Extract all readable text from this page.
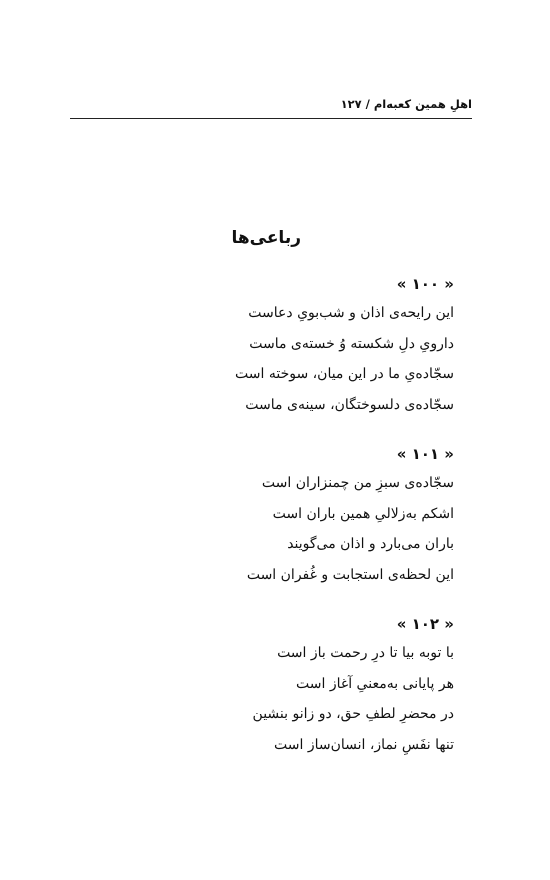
اهلِ همین کعبه‌ام / ۱۲۷
رباعی‌ها
« ۱۰۰ »
این رایحه‌ی اذان و شب‌بویِ دعاست
دارویِ دلِ شکسته وُ خسته‌ی ماست
سجّاده‌یِ ما در این میان، سوخته است
سجّاده‌ی دلسوختگان، سینه‌ی ماست
« ۱۰۱ »
سجّاده‌ی سبزِ من چمنزاران است
اشکم به‌زلالیِ همین باران است
باران می‌بارد و اذان می‌گویند
این لحظه‌ی استجابت و غُفران است
« ۱۰۲ »
با توبه بیا تا درِ رحمت باز است
هر پایانی به‌معنیِ آغاز است
در محضرِ لطفِ حق، دو زانو بنشین
تنها نفَسِ نماز، انسان‌ساز است
